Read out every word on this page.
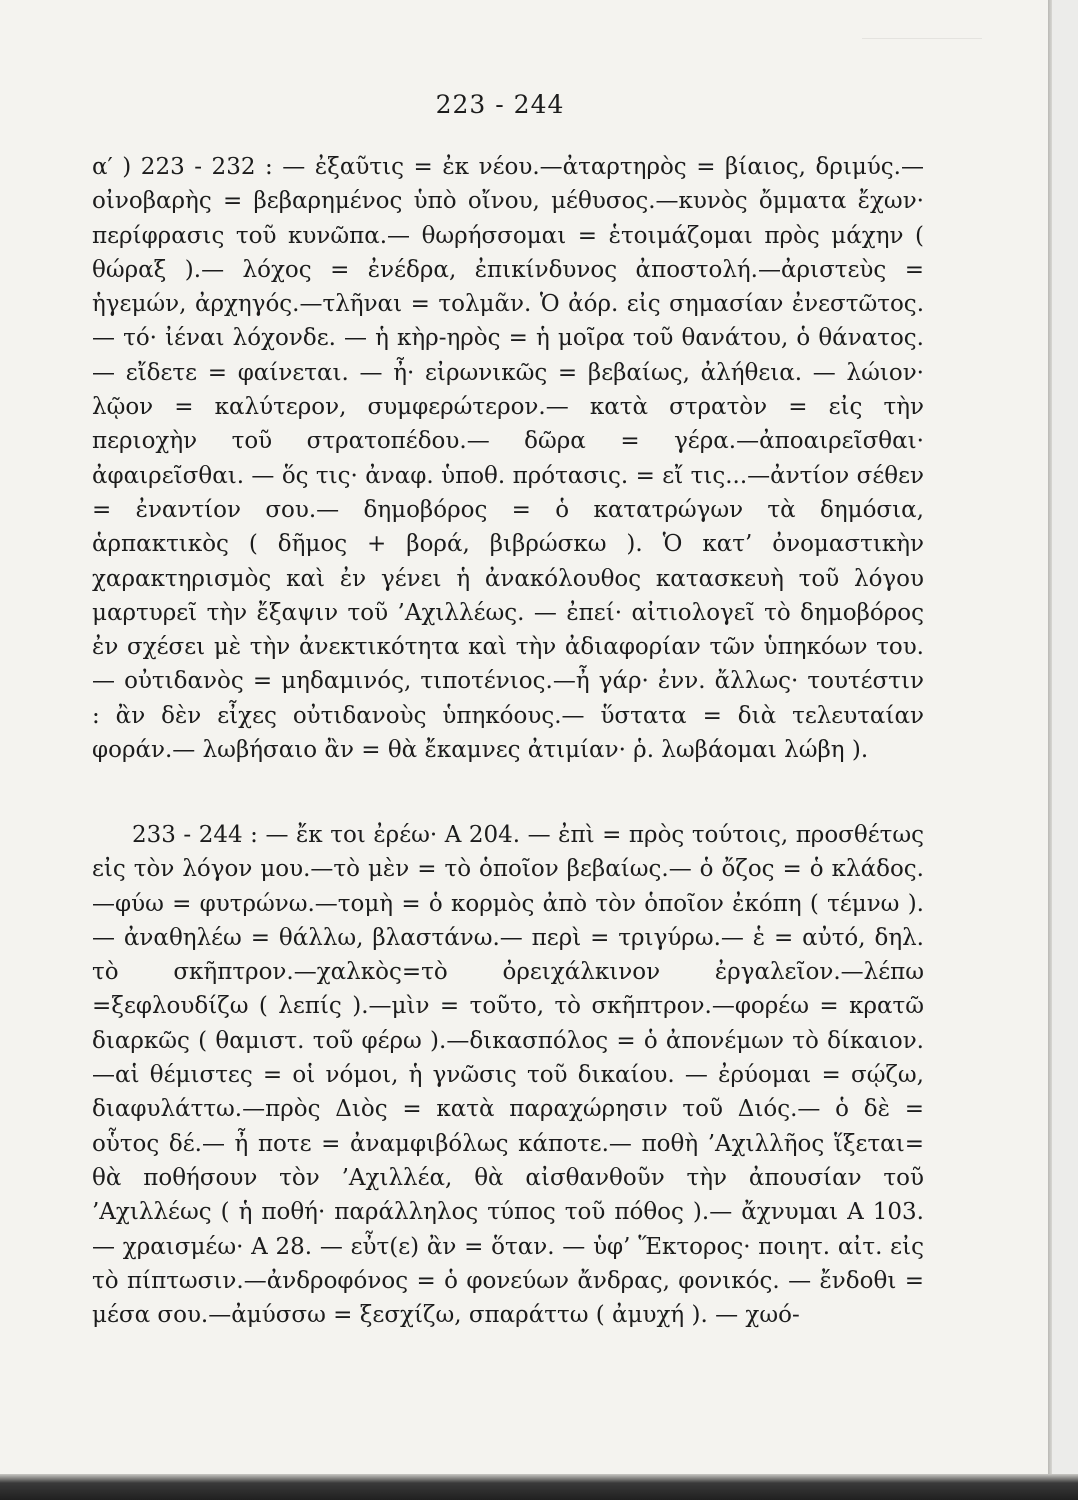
223 - 244

α′ ) 223 - 232 : — ἐξαῦτις = ἐκ νέου.—ἀταρτηρὸς = βίαιος, δριμύς.— οἰνοβαρὴς = βεβαρημένος ὑπὸ οἴνου, μέθυσος.—κυνὸς ὄμματα ἔχων· περίφρασις τοῦ κυνῶπα.— θωρήσσομαι = ἑτοιμάζομαι πρὸς μάχην ( θώραξ ).— λόχος = ἐνέδρα, ἐπικίνδυνος ἀποστολή.—ἀριστεὺς = ἡγεμών, ἀρχηγός.—τλῆναι = τολμᾶν. Ὁ ἀόρ. εἰς σημασίαν ἐνεστῶτος. — τό· ἰέναι λόχονδε. — ἡ κὴρ-ηρὸς = ἡ μοῖρα τοῦ θανάτου, ὁ θάνατος. — εἴδετε = φαίνεται. — ἦ· εἰρωνικῶς = βεβαίως, ἀλήθεια. — λώιον· λῷον = καλύτερον, συμφερώτερον.— κατὰ στρατὸν = εἰς τὴν περιοχὴν τοῦ στρατοπέδου.— δῶρα = γέρα.—ἀποαιρεῖσθαι· ἀφαιρεῖσθαι. — ὅς τις· ἀναφ. ὑποθ. πρότασις. = εἴ τις...—ἀντίον σέθεν = ἐναντίον σου.— δημοβόρος = ὁ κατατρώγων τὰ δημόσια, ἁρπακτικὸς ( δῆμος + βορά, βιβρώσκω ). Ὁ κατ’ ὀνομαστικὴν χαρακτηρισμὸς καὶ ἐν γένει ἡ ἀνακόλουθος κατασκευὴ τοῦ λόγου μαρτυρεῖ τὴν ἔξαψιν τοῦ ’Αχιλλέως. — ἐπεί· αἰτιολογεῖ τὸ δημοβόρος ἐν σχέσει μὲ τὴν ἀνεκτικότητα καὶ τὴν ἀδιαφορίαν τῶν ὑπηκόων του. — οὐτιδανὸς = μηδαμινός, τιποτένιος.—ἦ γάρ· ἐνν. ἄλλως· τουτέστιν : ἂν δὲν εἶχες οὐτιδανοὺς ὑπηκόους.— ὕστατα = διὰ τελευταίαν φοράν.— λωβήσαιο ἂν = θὰ ἔκαμνες ἀτιμίαν· ῥ. λωβάομαι λώβη ).

233 - 244 : — ἔκ τοι ἐρέω· Α 204. — ἐπὶ = πρὸς τούτοις, προσθέτως εἰς τὸν λόγον μου.—τὸ μὲν = τὸ ὁποῖον βεβαίως.— ὁ ὄζος = ὁ κλάδος.—φύω = φυτρώνω.—τομὴ = ὁ κορμὸς ἀπὸ τὸν ὁποῖον ἐκόπη ( τέμνω ).— ἀναθηλέω = θάλλω, βλαστάνω.— περὶ = τριγύρω.— ἑ = αὐτό, δηλ. τὸ σκῆπτρον.—χαλκὸς=τὸ ὀρειχάλκινον ἐργαλεῖον.—λέπω =ξεφλουδίζω ( λεπίς ).—μὶν = τοῦτο, τὸ σκῆπτρον.—φορέω = κρατῶ διαρκῶς ( θαμιστ. τοῦ φέρω ).—δικασπόλος = ὁ ἀπονέμων τὸ δίκαιον. —αἱ θέμιστες = οἱ νόμοι, ἡ γνῶσις τοῦ δικαίου. — ἐρύομαι = σῴζω, διαφυλάττω.—πρὸς Διὸς = κατὰ παραχώρησιν τοῦ Διός.— ὁ δὲ = οὗτος δέ.— ἦ ποτε = ἀναμφιβόλως κάποτε.— ποθὴ ’Αχιλλῆος ἵξεται= θὰ ποθήσουν τὸν ’Αχιλλέα, θὰ αἰσθανθοῦν τὴν ἀπουσίαν τοῦ ’Αχιλλέως ( ἡ ποθή· παράλληλος τύπος τοῦ πόθος ).— ἄχνυμαι Α 103. — χραισμέω· Α 28. — εὖτ(ε) ἂν = ὅταν. — ὑφ’ Ἕκτορος· ποιητ. αἰτ. εἰς τὸ πίπτωσιν.—ἀνδροφόνος = ὁ φονεύων ἄνδρας, φονικός. — ἔνδοθι = μέσα σου.—ἀμύσσω = ξεσχίζω, σπαράττω ( ἀμυχή ). — χωό-
